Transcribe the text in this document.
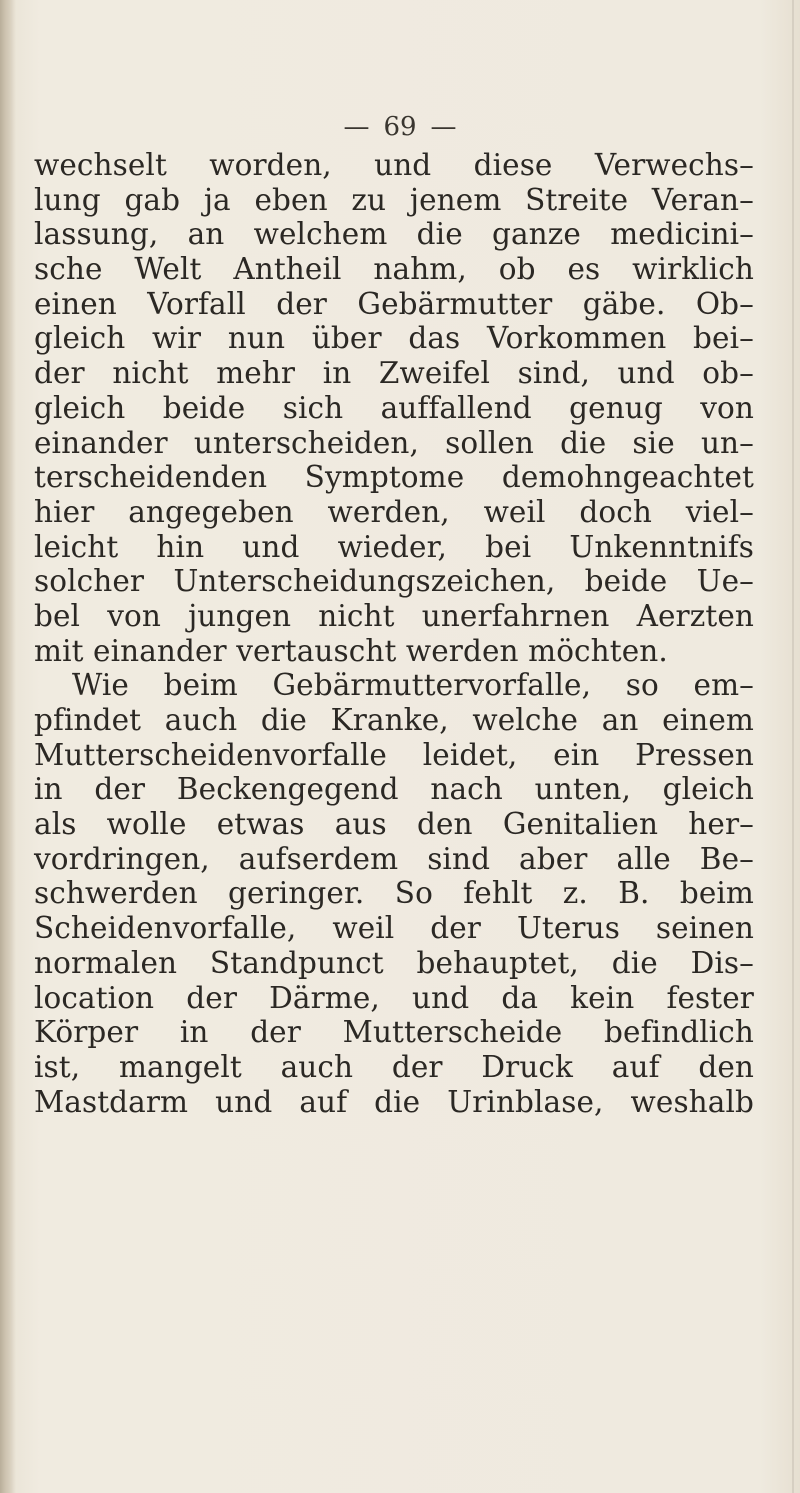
— 69 —
wechselt worden, und diese Verwechs–
lung gab ja eben zu jenem Streite Veran–
lassung, an welchem die ganze medicini–
sche Welt Antheil nahm, ob es wirklich
einen Vorfall der Gebärmutter gäbe. Ob–
gleich wir nun über das Vorkommen bei–
der nicht mehr in Zweifel sind, und ob–
gleich beide sich auffallend genug von
einander unterscheiden, sollen die sie un–
terscheidenden Symptome demohngeachtet
hier angegeben werden, weil doch viel–
leicht hin und wieder, bei Unkenntnifs
solcher Unterscheidungszeichen, beide Ue–
bel von jungen nicht unerfahrnen Aerzten
mit einander vertauscht werden möchten.
Wie beim Gebärmuttervorfalle, so em–
pfindet auch die Kranke, welche an einem
Mutterscheidenvorfalle leidet, ein Pressen
in der Beckengegend nach unten, gleich
als wolle etwas aus den Genitalien her–
vordringen, aufserdem sind aber alle Be–
schwerden geringer. So fehlt z. B. beim
Scheidenvorfalle, weil der Uterus seinen
normalen Standpunct behauptet, die Dis–
location der Därme, und da kein fester
Körper in der Mutterscheide befindlich
ist, mangelt auch der Druck auf den
Mastdarm und auf die Urinblase, weshalb
